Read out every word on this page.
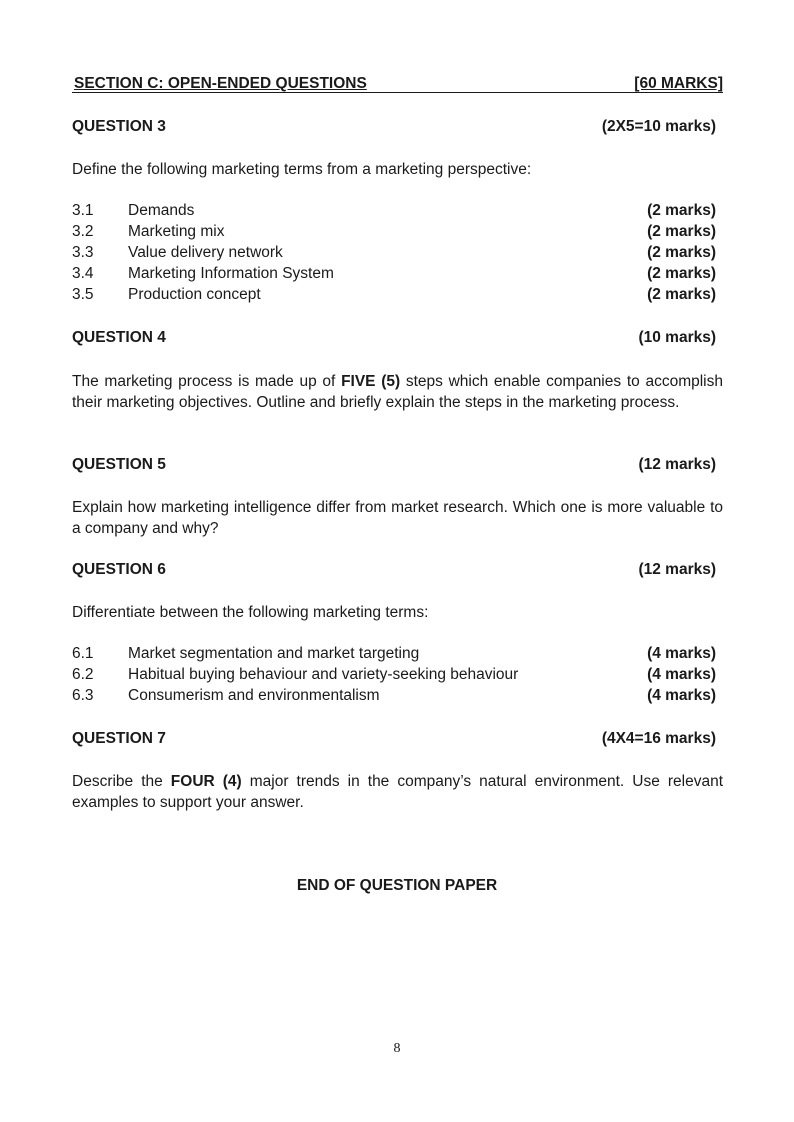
SECTION C: OPEN-ENDED QUESTIONS	[60 MARKS]
QUESTION 3	(2X5=10 marks)
Define the following marketing terms from a marketing perspective:
3.1 Demands	(2 marks)
3.2 Marketing mix	(2 marks)
3.3 Value delivery network	(2 marks)
3.4 Marketing Information System	(2 marks)
3.5 Production concept	(2 marks)
QUESTION 4	(10 marks)
The marketing process is made up of FIVE (5) steps which enable companies to accomplish their marketing objectives. Outline and briefly explain the steps in the marketing process.
QUESTION 5	(12 marks)
Explain how marketing intelligence differ from market research. Which one is more valuable to a company and why?
QUESTION 6	(12 marks)
Differentiate between the following marketing terms:
6.1 Market segmentation and market targeting	(4 marks)
6.2 Habitual buying behaviour and variety-seeking behaviour	(4 marks)
6.3 Consumerism and environmentalism	(4 marks)
QUESTION 7	(4X4=16 marks)
Describe the FOUR (4) major trends in the company’s natural environment. Use relevant examples to support your answer.
END OF QUESTION PAPER
8
